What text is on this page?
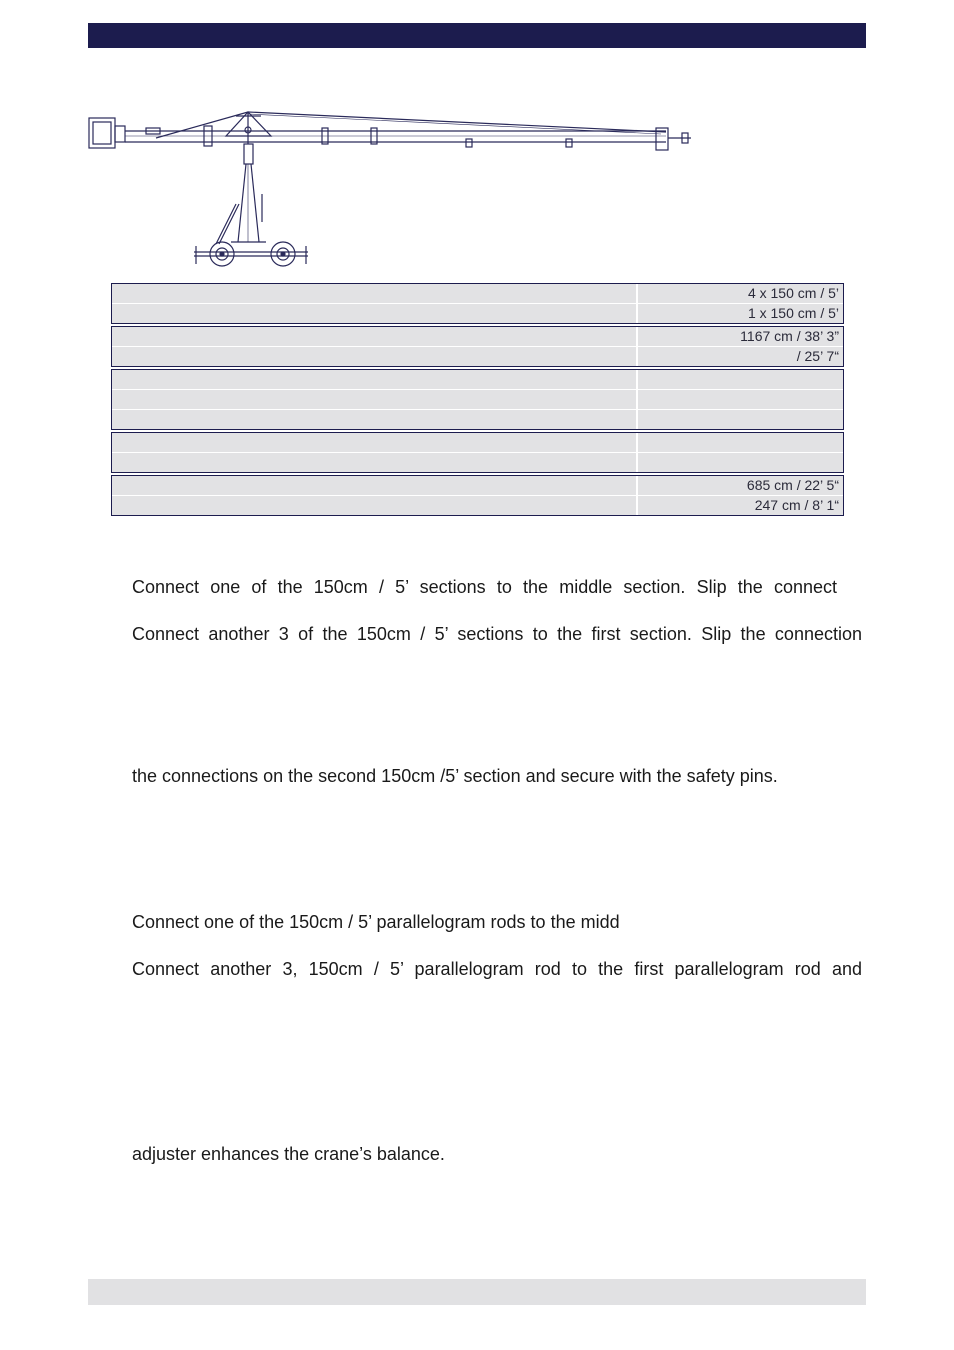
4 x 150 cm / 5’
1 x 150 cm / 5’
1167 cm / 38’ 3”
/ 25’ 7“
685 cm / 22’ 5“
247 cm / 8’ 1“

Connect one of the 150cm / 5’ sections to the middle section. Slip the connect

Connect another 3 of the 150cm / 5’ sections to the first section. Slip the connection

the connections on the second 150cm /5’ section and secure with the safety pins.

Connect one of the 150cm / 5’ parallelogram rods to the midd

Connect another 3, 150cm / 5’ parallelogram rod to the first parallelogram rod and

adjuster enhances the crane’s balance.
